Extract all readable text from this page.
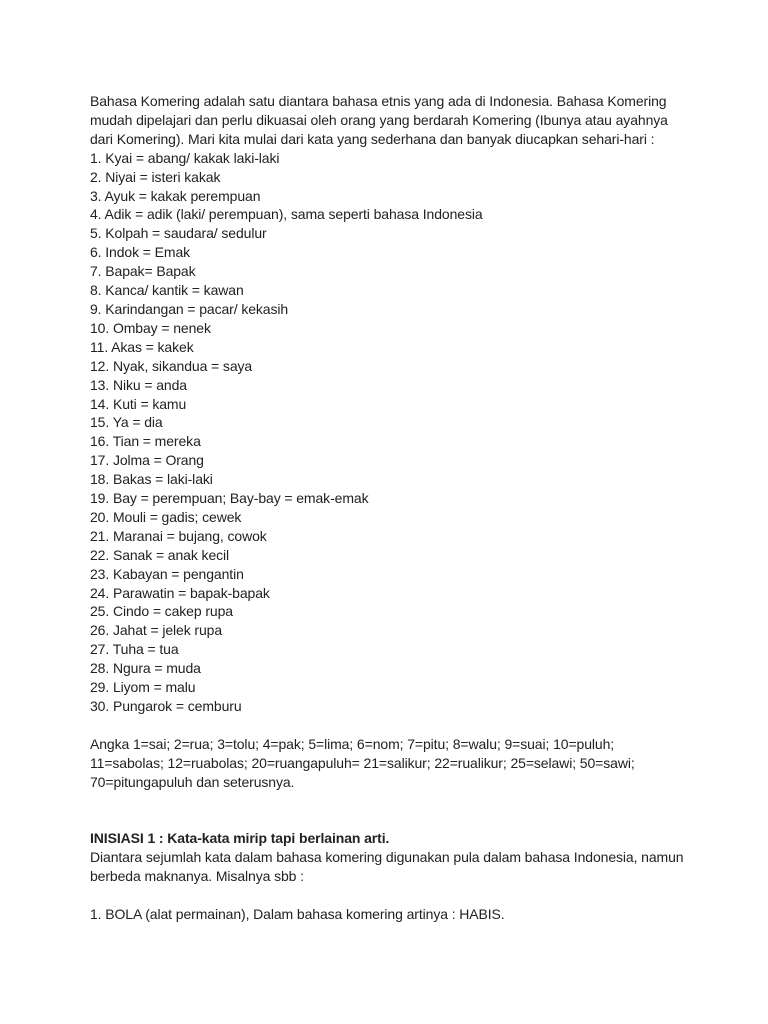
Bahasa Komering adalah satu diantara bahasa etnis yang ada di Indonesia. Bahasa Komering mudah dipelajari dan perlu dikuasai oleh orang yang berdarah Komering (Ibunya atau ayahnya dari Komering). Mari kita mulai dari kata yang sederhana dan banyak diucapkan sehari-hari :

1. Kyai = abang/ kakak laki-laki
2. Niyai = isteri kakak
3. Ayuk = kakak perempuan
4. Adik = adik (laki/ perempuan), sama seperti bahasa Indonesia
5. Kolpah = saudara/ sedulur
6. Indok = Emak
7. Bapak= Bapak
8. Kanca/ kantik = kawan
9. Karindangan = pacar/ kekasih
10. Ombay = nenek
11. Akas = kakek
12. Nyak, sikandua = saya
13. Niku = anda
14. Kuti = kamu
15. Ya = dia
16. Tian = mereka
17. Jolma = Orang
18. Bakas = laki-laki
19. Bay = perempuan; Bay-bay = emak-emak
20. Mouli = gadis; cewek
21. Maranai = bujang, cowok
22. Sanak = anak kecil
23. Kabayan = pengantin
24. Parawatin = bapak-bapak
25. Cindo = cakep rupa
26. Jahat = jelek rupa
27. Tuha = tua
28. Ngura = muda
29. Liyom = malu
30. Pungarok = cemburu

Angka 1=sai; 2=rua; 3=tolu; 4=pak; 5=lima; 6=nom; 7=pitu; 8=walu; 9=suai; 10=puluh; 11=sabolas; 12=ruabolas; 20=ruangapuluh= 21=salikur; 22=rualikur; 25=selawi; 50=sawi; 70=pitungapuluh dan seterusnya.

INISIASI 1 : Kata-kata mirip tapi berlainan arti.

Diantara sejumlah kata dalam bahasa komering digunakan pula dalam bahasa Indonesia, namun berbeda maknanya. Misalnya sbb :

1. BOLA (alat permainan), Dalam bahasa komering artinya : HABIS.
